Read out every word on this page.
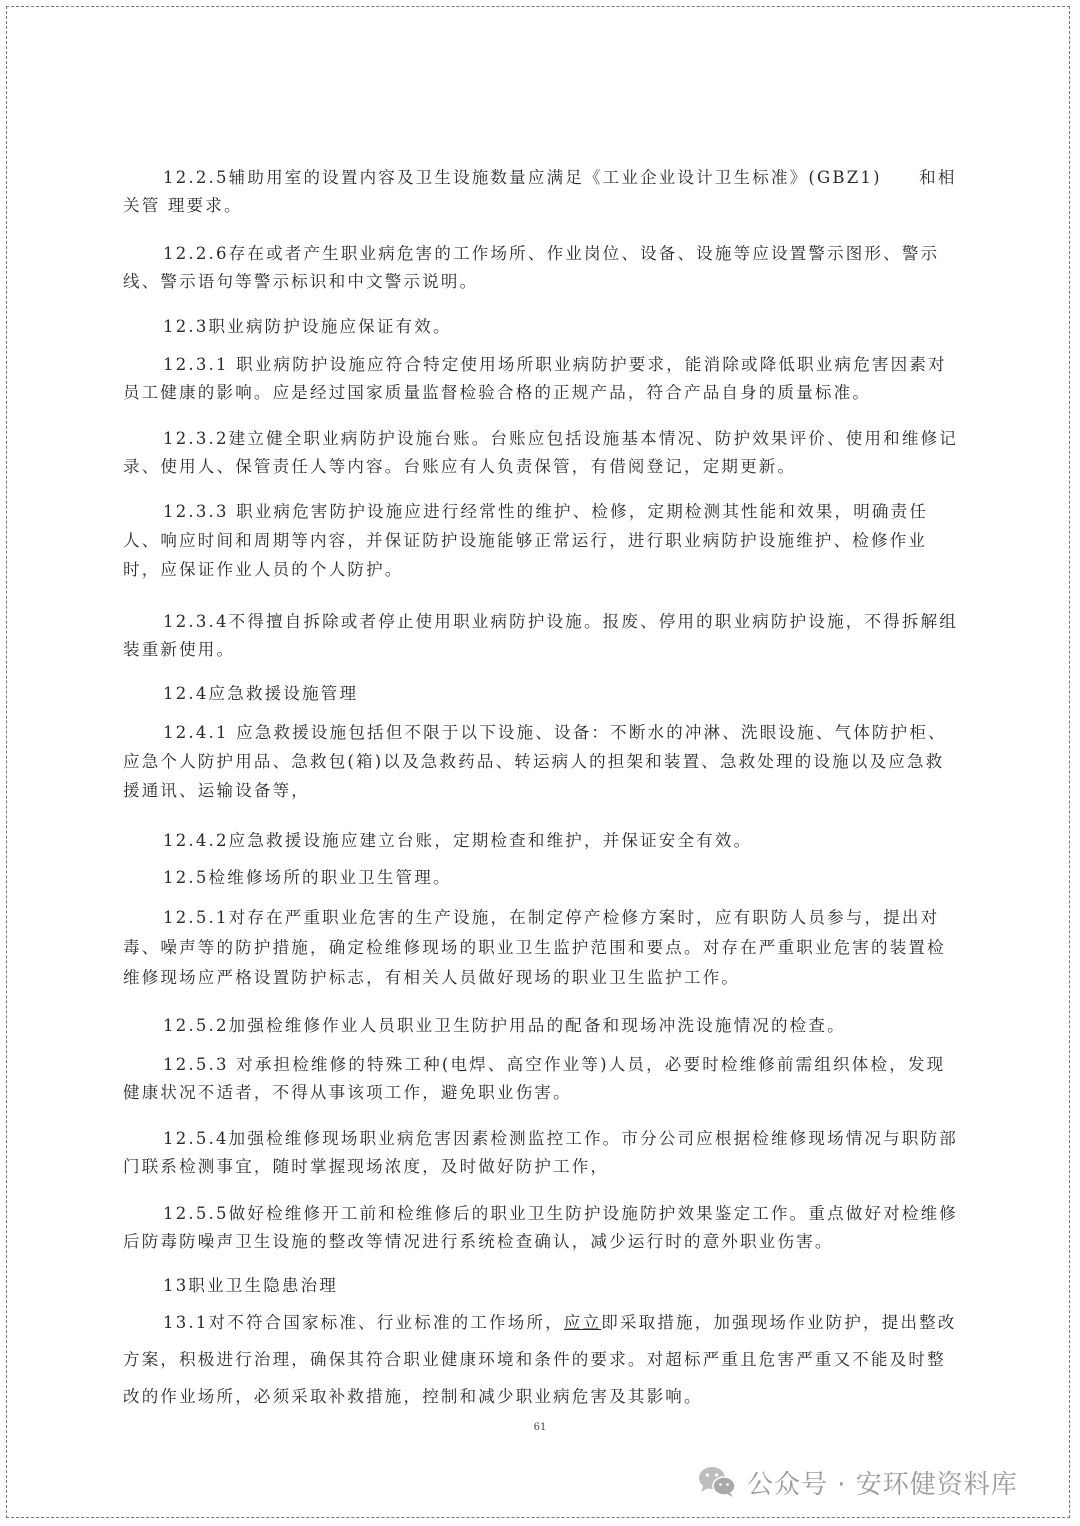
12.2.5辅助用室的设置内容及卫生设施数量应满足《工业企业设计卫生标准》(GBZ1)　　和相关管 理要求。

12.2.6存在或者产生职业病危害的工作场所、作业岗位、设备、设施等应设置警示图形、警示线、警示语句等警示标识和中文警示说明。

12.3职业病防护设施应保证有效。

12.3.1 职业病防护设施应符合特定使用场所职业病防护要求，能消除或降低职业病危害因素对员工健康的影响。应是经过国家质量监督检验合格的正规产品，符合产品自身的质量标准。

12.3.2建立健全职业病防护设施台账。台账应包括设施基本情况、防护效果评价、使用和维修记录、使用人、保管责任人等内容。台账应有人负责保管，有借阅登记，定期更新。

12.3.3 职业病危害防护设施应进行经常性的维护、检修，定期检测其性能和效果，明确责任人、响应时间和周期等内容，并保证防护设施能够正常运行，进行职业病防护设施维护、检修作业时，应保证作业人员的个人防护。

12.3.4不得擅自拆除或者停止使用职业病防护设施。报废、停用的职业病防护设施，不得拆解组装重新使用。

12.4应急救援设施管理

12.4.1 应急救援设施包括但不限于以下设施、设备：不断水的冲淋、洗眼设施、气体防护柜、应急个人防护用品、急救包(箱)以及急救药品、转运病人的担架和装置、急救处理的设施以及应急救援通讯、运输设备等，

12.4.2应急救援设施应建立台账，定期检查和维护，并保证安全有效。

12.5检维修场所的职业卫生管理。

12.5.1对存在严重职业危害的生产设施，在制定停产检修方案时，应有职防人员参与，提出对毒、噪声等的防护措施，确定检维修现场的职业卫生监护范围和要点。对存在严重职业危害的装置检维修现场应严格设置防护标志，有相关人员做好现场的职业卫生监护工作。

12.5.2加强检维修作业人员职业卫生防护用品的配备和现场冲洗设施情况的检查。

12.5.3 对承担检维修的特殊工种(电焊、高空作业等)人员，必要时检维修前需组织体检，发现健康状况不适者，不得从事该项工作，避免职业伤害。

12.5.4加强检维修现场职业病危害因素检测监控工作。市分公司应根据检维修现场情况与职防部门联系检测事宜，随时掌握现场浓度，及时做好防护工作，

12.5.5做好检维修开工前和检维修后的职业卫生防护设施防护效果鉴定工作。重点做好对检维修后防毒防噪声卫生设施的整改等情况进行系统检查确认，减少运行时的意外职业伤害。

13职业卫生隐患治理

13.1对不符合国家标准、行业标准的工作场所，应立即采取措施，加强现场作业防护，提出整改方案，积极进行治理，确保其符合职业健康环境和条件的要求。对超标严重且危害严重又不能及时整改的作业场所，必须采取补救措施，控制和减少职业病危害及其影响。

61
公众号 · 安环健资料库
